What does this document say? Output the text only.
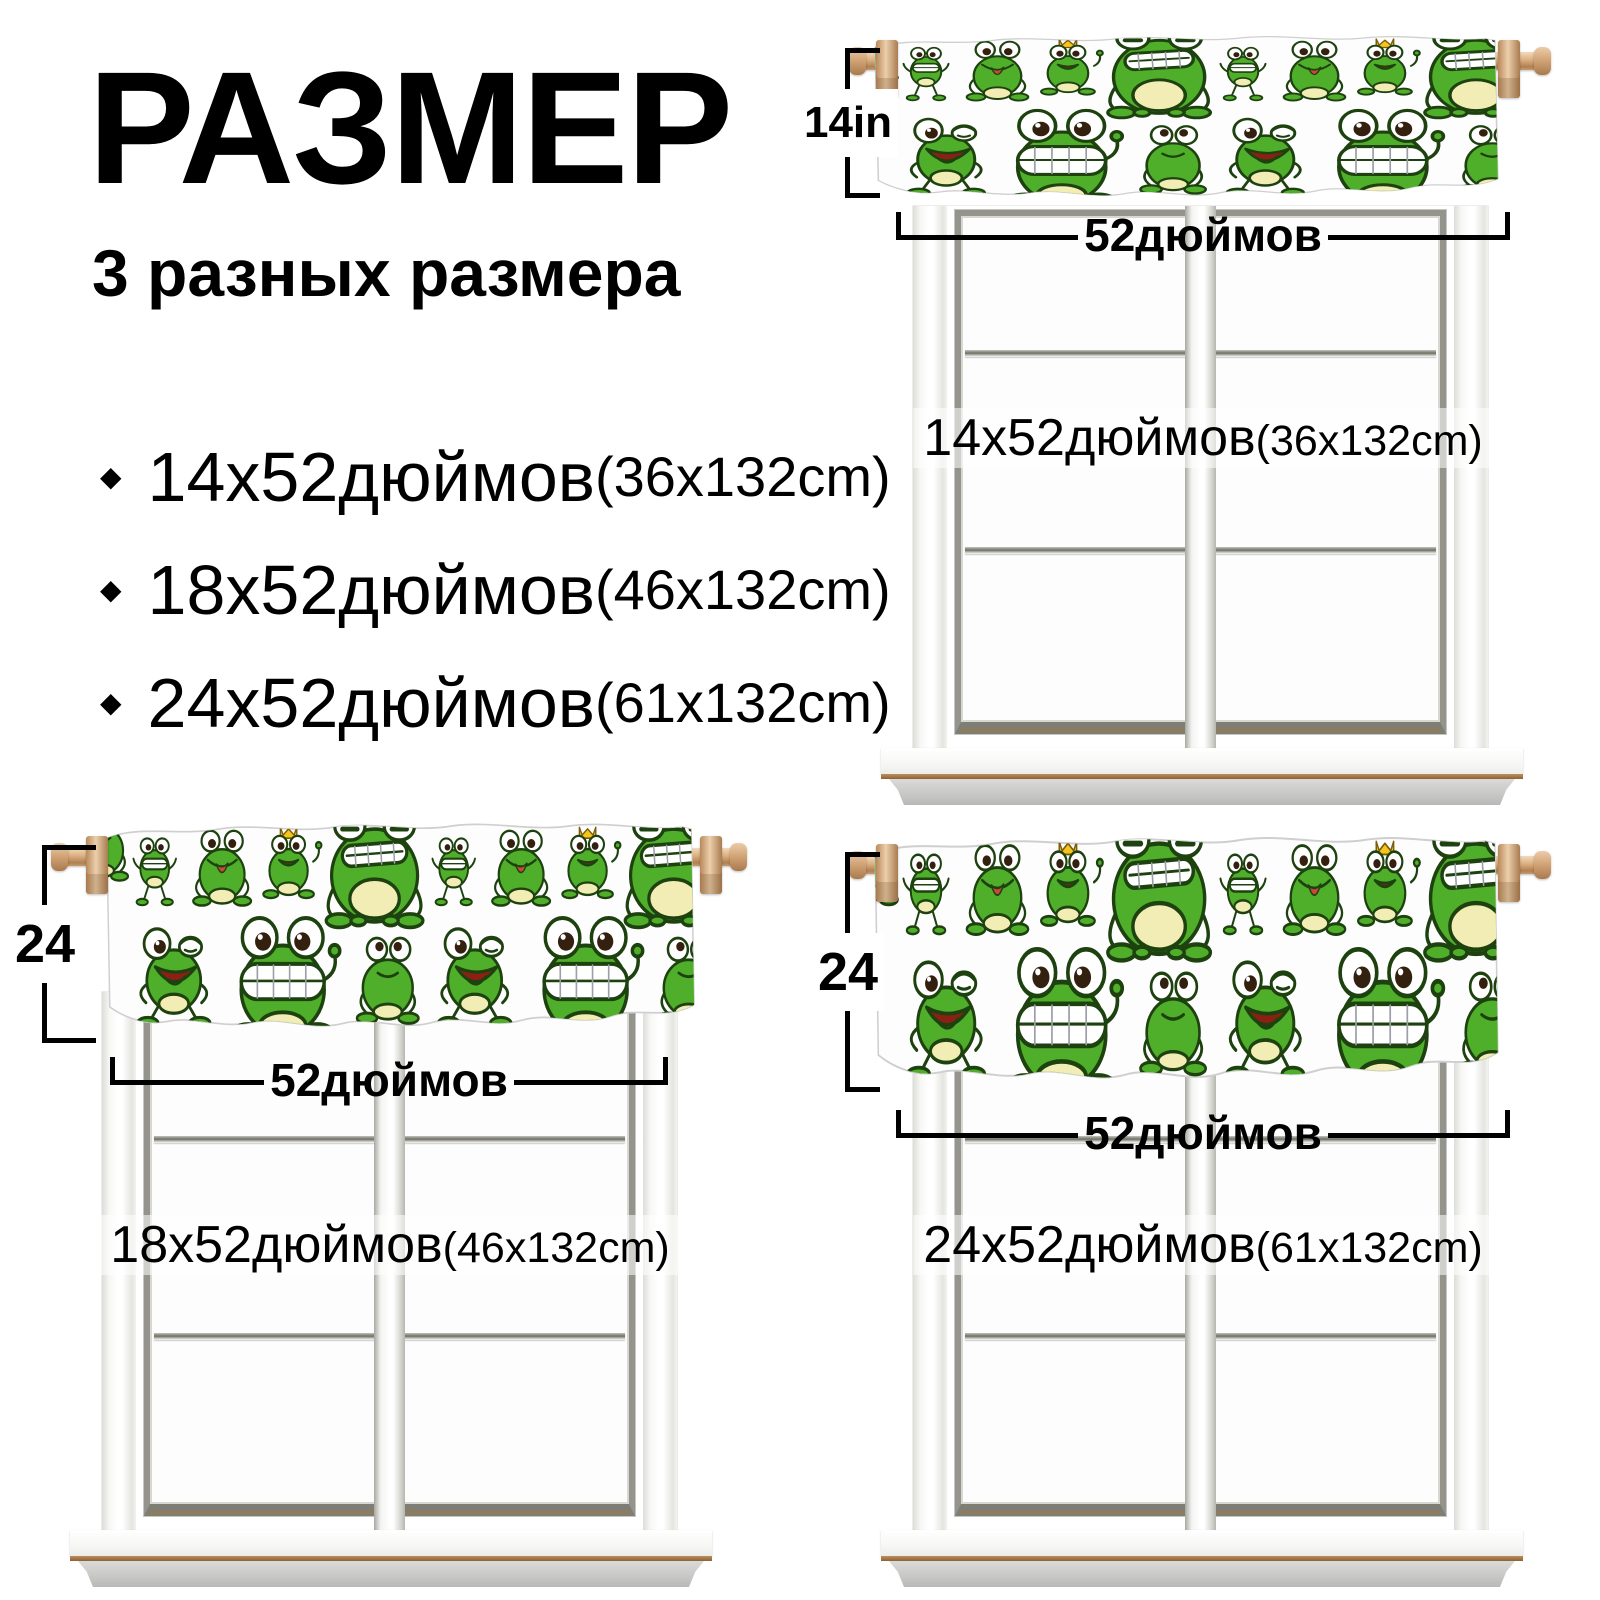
РАЗМЕР
3 разных размера
◆ 14x52дюймов (36x132cm)
◆ 18x52дюймов (46x132cm)
◆ 24x52дюймов (61x132cm)
14x52дюймов(36x132cm)
14in
52дюймов
18x52дюймов(46x132cm)
24
52дюймов
24x52дюймов(61x132cm)
24
52дюймов
